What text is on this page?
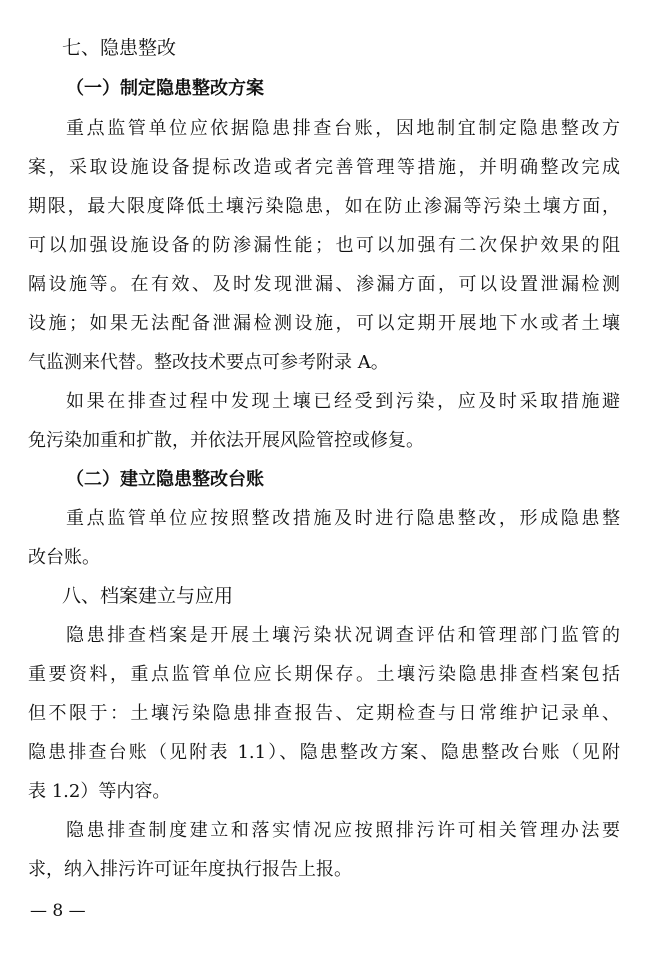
七、隐患整改
（一）制定隐患整改方案
重点监管单位应依据隐患排查台账，因地制宜制定隐患整改方
案，采取设施设备提标改造或者完善管理等措施，并明确整改完成
期限，最大限度降低土壤污染隐患，如在防止渗漏等污染土壤方面，
可以加强设施设备的防渗漏性能；也可以加强有二次保护效果的阻
隔设施等。在有效、及时发现泄漏、渗漏方面，可以设置泄漏检测
设施；如果无法配备泄漏检测设施，可以定期开展地下水或者土壤
气监测来代替。整改技术要点可参考附录 A。
如果在排查过程中发现土壤已经受到污染，应及时采取措施避
免污染加重和扩散，并依法开展风险管控或修复。
（二）建立隐患整改台账
重点监管单位应按照整改措施及时进行隐患整改，形成隐患整
改台账。
八、档案建立与应用
隐患排查档案是开展土壤污染状况调查评估和管理部门监管的
重要资料，重点监管单位应长期保存。土壤污染隐患排查档案包括
但不限于：土壤污染隐患排查报告、定期检查与日常维护记录单、
隐患排查台账（见附表 1.1）、隐患整改方案、隐患整改台账（见附
表 1.2）等内容。
隐患排查制度建立和落实情况应按照排污许可相关管理办法要
求，纳入排污许可证年度执行报告上报。
— 8 —
